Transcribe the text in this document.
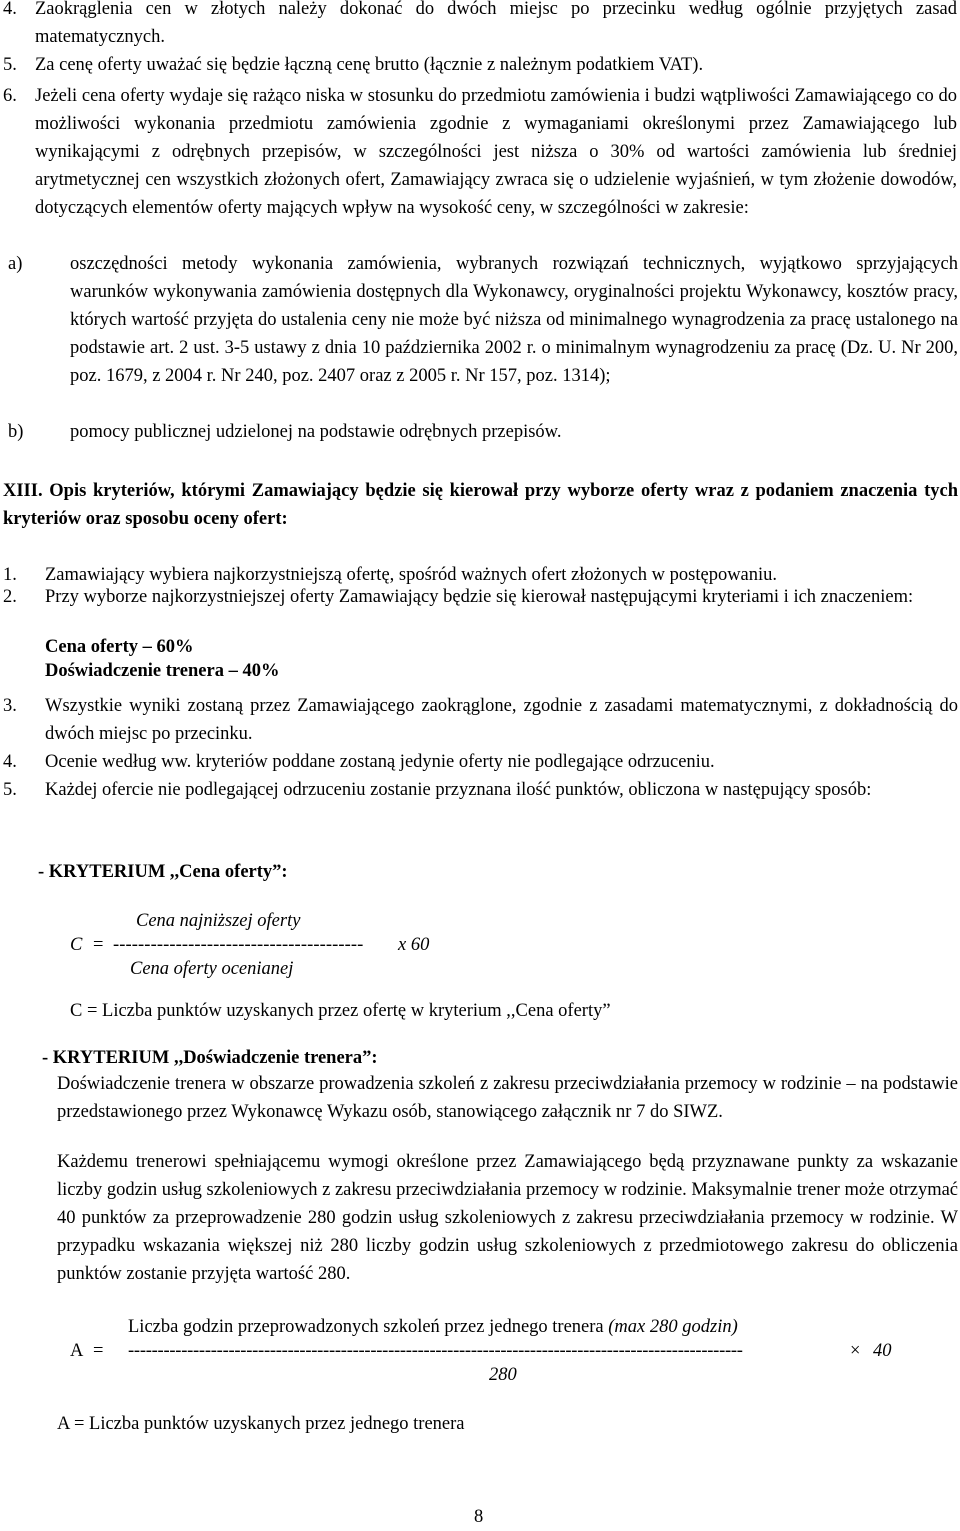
4. Zaokrąglenia cen w złotych należy dokonać do dwóch miejsc po przecinku według ogólnie przyjętych zasad matematycznych.
5. Za cenę oferty uważać się będzie łączną cenę brutto (łącznie z należnym podatkiem VAT).
6. Jeżeli cena oferty wydaje się rażąco niska w stosunku do przedmiotu zamówienia i budzi wątpliwości Zamawiającego co do możliwości wykonania przedmiotu zamówienia zgodnie z wymaganiami określonymi przez Zamawiającego lub wynikającymi z odrębnych przepisów, w szczególności jest niższa o 30% od wartości zamówienia lub średniej arytmetycznej cen wszystkich złożonych ofert, Zamawiający zwraca się o udzielenie wyjaśnień, w tym złożenie dowodów, dotyczących elementów oferty mających wpływ na wysokość ceny, w szczególności w zakresie:
a)	oszczędności metody wykonania zamówienia, wybranych rozwiązań technicznych, wyjątkowo sprzyjających warunków wykonywania zamówienia dostępnych dla Wykonawcy, oryginalności projektu Wykonawcy, kosztów pracy, których wartość przyjęta do ustalenia ceny nie może być niższa od minimalnego wynagrodzenia za pracę ustalonego na podstawie art. 2 ust. 3-5 ustawy z dnia 10 października 2002 r. o minimalnym wynagrodzeniu za pracę (Dz. U. Nr 200, poz. 1679, z 2004 r. Nr 240, poz. 2407 oraz z 2005 r. Nr 157, poz. 1314);
b)	pomocy publicznej udzielonej na podstawie odrębnych przepisów.
XIII. Opis kryteriów, którymi Zamawiający będzie się kierował przy wyborze oferty wraz z podaniem znaczenia tych kryteriów oraz sposobu oceny ofert:
1. Zamawiający wybiera najkorzystniejszą ofertę, spośród ważnych ofert złożonych w postępowaniu.
2. Przy wyborze najkorzystniejszej oferty Zamawiający będzie się kierował następującymi kryteriami i ich znaczeniem:
Cena oferty – 60%
Doświadczenie trenera – 40%
3. Wszystkie wyniki zostaną przez Zamawiającego zaokrąglone, zgodnie z zasadami matematycznymi, z dokładnością do dwóch miejsc po przecinku.
4. Ocenie według ww. kryteriów poddane zostaną jedynie oferty nie podlegające odrzuceniu.
5. Każdej ofercie nie podlegającej odrzuceniu zostanie przyznana ilość punktów, obliczona w następujący sposób:
- KRYTERIUM ,,Cena oferty”:
Cena najniższej oferty
C = ---------------------------------------- x 60
Cena oferty ocenianej
C = Liczba punktów uzyskanych przez ofertę w kryterium ,,Cena oferty”
- KRYTERIUM ,,Doświadczenie trenera”:
Doświadczenie trenera w obszarze prowadzenia szkoleń z zakresu przeciwdziałania przemocy w rodzinie – na podstawie przedstawionego przez Wykonawcę Wykazu osób, stanowiącego załącznik nr 7 do SIWZ.
Każdemu trenerowi spełniającemu wymogi określone przez Zamawiającego będą przyznawane punkty za wskazanie liczby godzin usług szkoleniowych z zakresu przeciwdziałania przemocy w rodzinie. Maksymalnie trener może otrzymać 40 punktów za przeprowadzenie 280 godzin usług szkoleniowych z zakresu przeciwdziałania przemocy w rodzinie. W przypadku wskazania większej niż 280 liczby godzin usług szkoleniowych z przedmiotowego zakresu do obliczenia punktów zostanie przyjęta wartość 280.
Liczba godzin przeprowadzonych szkoleń przez jednego trenera (max 280 godzin)
A = --------------------------------------------------------------------------------------------------------	× 40
280
A = Liczba punktów uzyskanych przez jednego trenera
8
